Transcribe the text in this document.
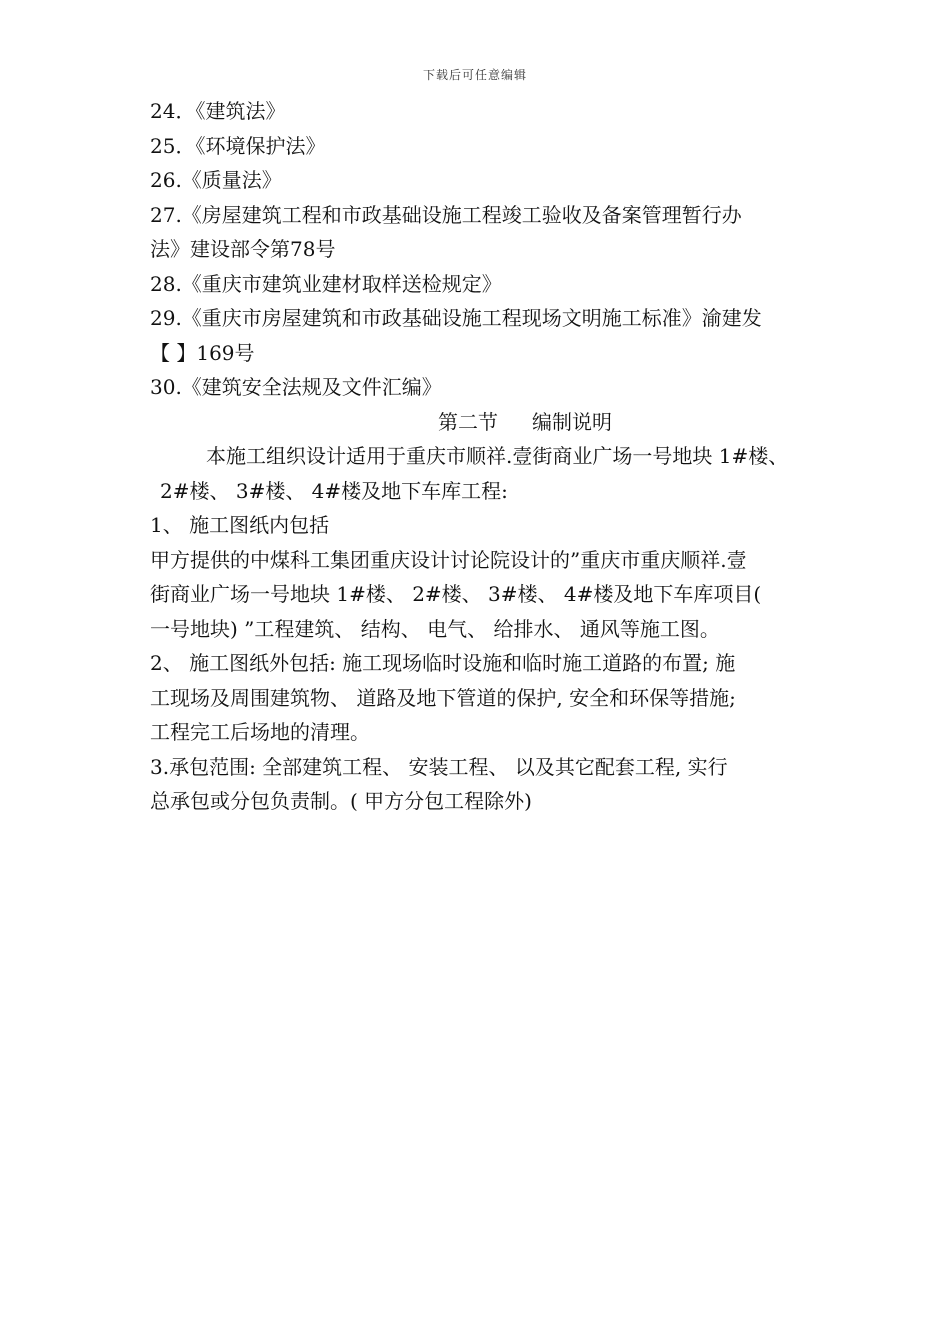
下载后可任意编辑
24．《建筑法》
25．《环境保护法》
26.《质量法》
27.《房屋建筑工程和市政基础设施工程竣工验收及备案管理暂行办
法》建设部令第78号
28.《重庆市建筑业建材取样送检规定》
29.《重庆市房屋建筑和市政基础设施工程现场文明施工标准》渝建发
【 】169号
30.《建筑安全法规及文件汇编》
第二节 编制说明
本施工组织设计适用于重庆市顺祥.壹街商业广场一号地块 1#楼、
2#楼、 3#楼、 4#楼及地下车库工程:
1、 施工图纸内包括
甲方提供的中煤科工集团重庆设计讨论院设计的”重庆市重庆顺祥.壹
街商业广场一号地块 1#楼、 2#楼、 3#楼、 4#楼及地下车库项目(
一号地块) ”工程建筑、 结构、 电气、 给排水、 通风等施工图。
2、 施工图纸外包括: 施工现场临时设施和临时施工道路的布置; 施
工现场及周围建筑物、 道路及地下管道的保护, 安全和环保等措施;
工程完工后场地的清理。
3.承包范围: 全部建筑工程、 安装工程、 以及其它配套工程, 实行
总承包或分包负责制。( 甲方分包工程除外)
